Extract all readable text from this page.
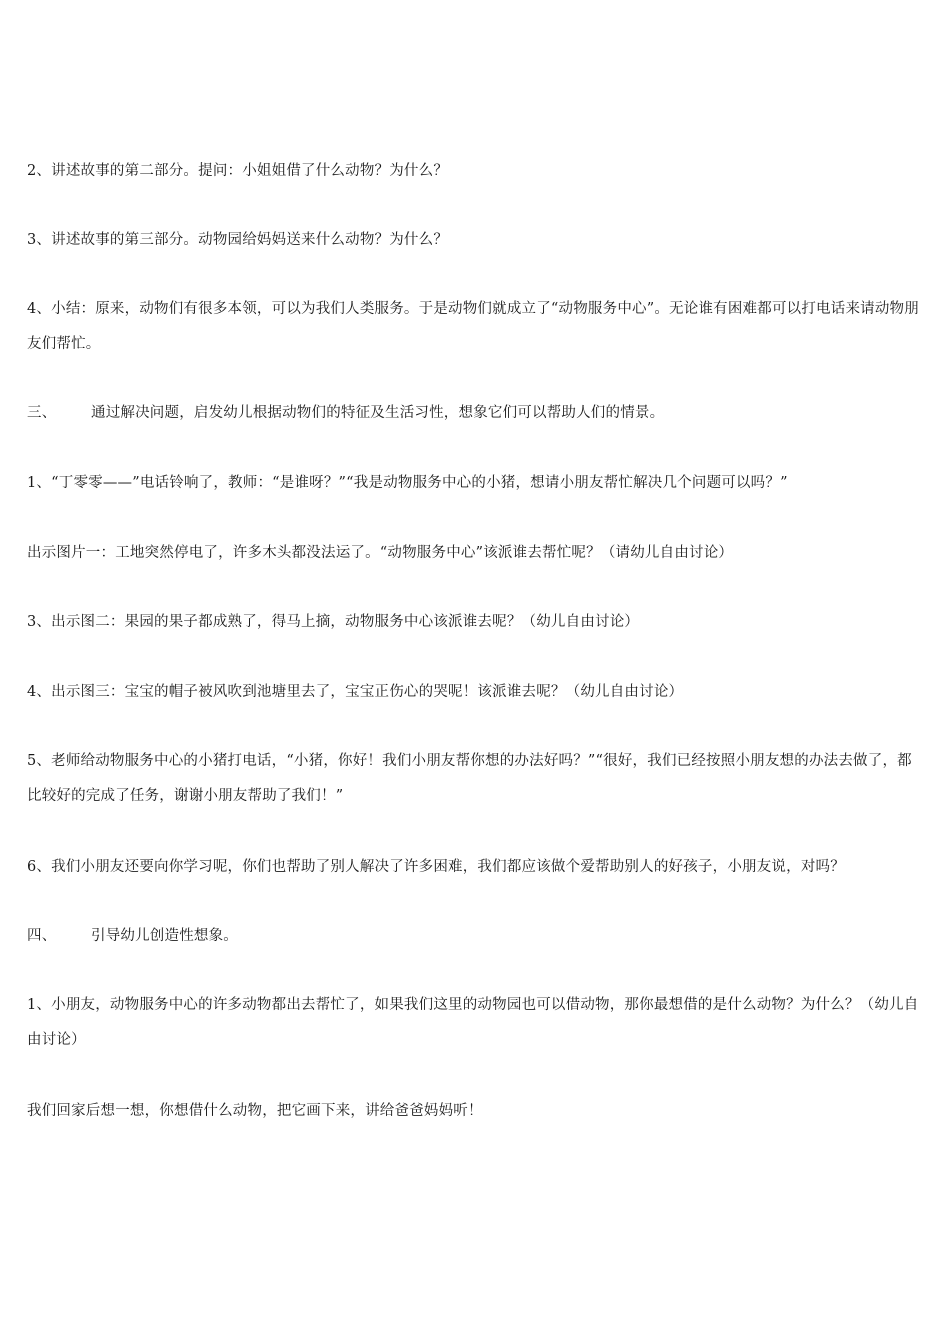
2、讲述故事的第二部分。提问：小姐姐借了什么动物？为什么？

3、讲述故事的第三部分。动物园给妈妈送来什么动物？为什么？

4、小结：原来，动物们有很多本领，可以为我们人类服务。于是动物们就成立了“动物服务中心”。无论谁有困难都可以打电话来请动物朋友们帮忙。

三、 通过解决问题，启发幼儿根据动物们的特征及生活习性，想象它们可以帮助人们的情景。

1、“丁零零——”电话铃响了，教师：“是谁呀？”“我是动物服务中心的小猪，想请小朋友帮忙解决几个问题可以吗？”

出示图片一：工地突然停电了，许多木头都没法运了。“动物服务中心”该派谁去帮忙呢？（请幼儿自由讨论）

3、出示图二：果园的果子都成熟了，得马上摘，动物服务中心该派谁去呢？（幼儿自由讨论）

4、出示图三：宝宝的帽子被风吹到池塘里去了，宝宝正伤心的哭呢！该派谁去呢？（幼儿自由讨论）

5、老师给动物服务中心的小猪打电话，“小猪，你好！我们小朋友帮你想的办法好吗？”“很好，我们已经按照小朋友想的办法去做了，都比较好的完成了任务，谢谢小朋友帮助了我们！”

6、我们小朋友还要向你学习呢，你们也帮助了别人解决了许多困难，我们都应该做个爱帮助别人的好孩子，小朋友说，对吗？

四、 引导幼儿创造性想象。

1、小朋友，动物服务中心的许多动物都出去帮忙了，如果我们这里的动物园也可以借动物，那你最想借的是什么动物？为什么？（幼儿自由讨论）

我们回家后想一想，你想借什么动物，把它画下来，讲给爸爸妈妈听！
